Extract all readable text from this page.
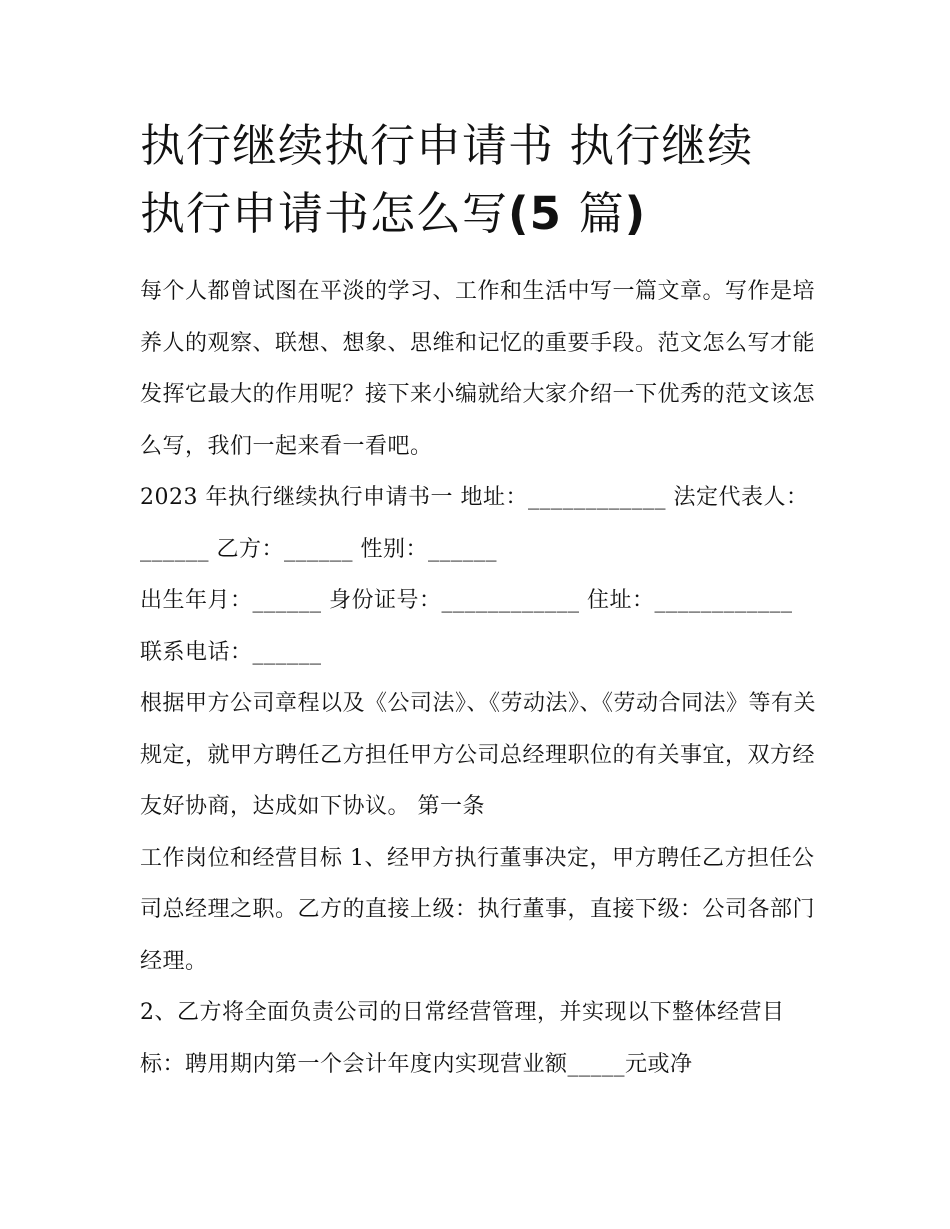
执行继续执行申请书 执行继续
执行申请书怎么写(5 篇)

每个人都曾试图在平淡的学习、工作和生活中写一篇文章。写作是培养人的观察、联想、想象、思维和记忆的重要手段。范文怎么写才能发挥它最大的作用呢？接下来小编就给大家介绍一下优秀的范文该怎么写，我们一起来看一看吧。

2023 年执行继续执行申请书一 地址：____________ 法定代表人：______ 乙方：______ 性别：______

出生年月：______ 身份证号：____________ 住址：____________ 联系电话：______

根据甲方公司章程以及《公司法》、《劳动法》、《劳动合同法》等有关规定，就甲方聘任乙方担任甲方公司总经理职位的有关事宜，双方经友好协商，达成如下协议。 第一条

工作岗位和经营目标 1、经甲方执行董事决定，甲方聘任乙方担任公司总经理之职。乙方的直接上级：执行董事，直接下级：公司各部门经理。

2、乙方将全面负责公司的日常经营管理，并实现以下整体经营目标：聘用期内第一个会计年度内实现营业额_____元或净
